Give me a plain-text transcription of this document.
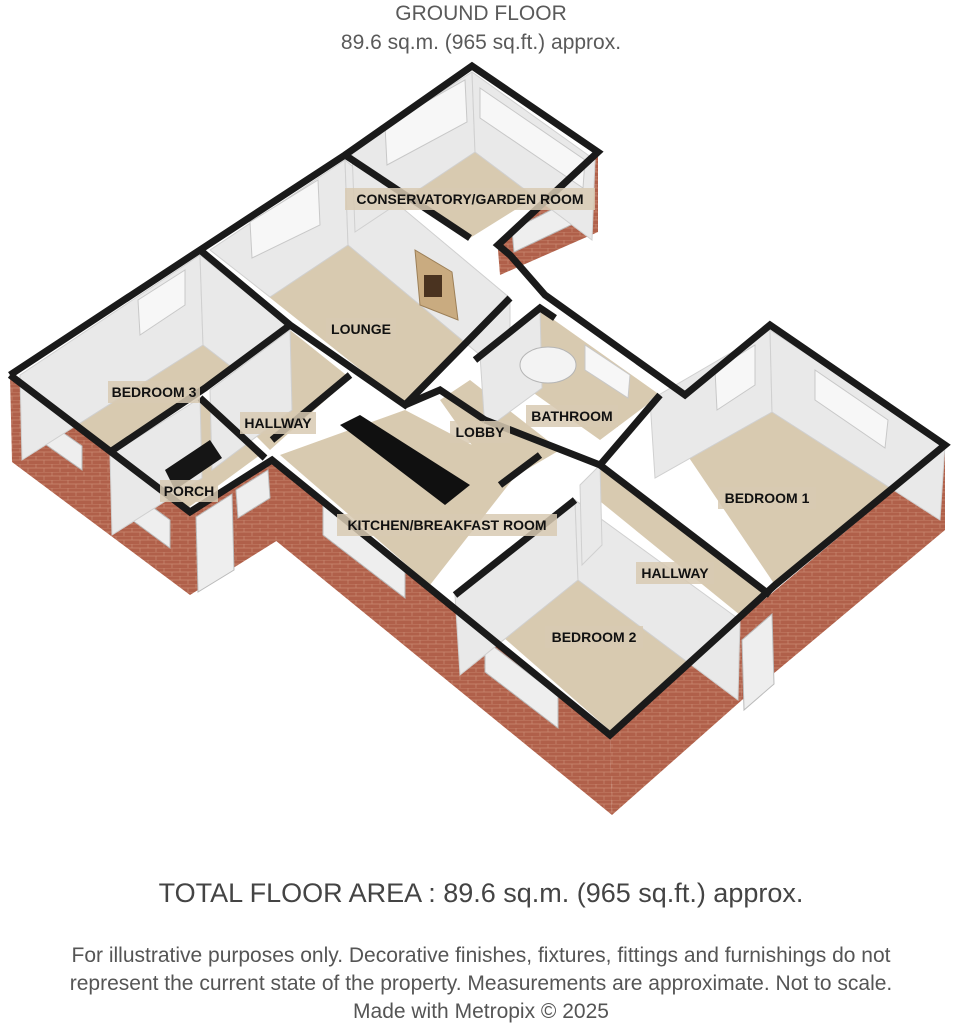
GROUND FLOOR
89.6 sq.m. (965 sq.ft.) approx.
CONSERVATORY/GARDEN ROOM
LOUNGE
BEDROOM 3
HALLWAY
PORCH
KITCHEN/BREAKFAST ROOM
LOBBY
BATHROOM
BEDROOM 1
HALLWAY
BEDROOM 2
TOTAL FLOOR AREA : 89.6 sq.m. (965 sq.ft.) approx.
For illustrative purposes only. Decorative finishes, fixtures, fittings and furnishings do not
represent the current state of the property. Measurements are approximate. Not to scale.
Made with Metropix © 2025
